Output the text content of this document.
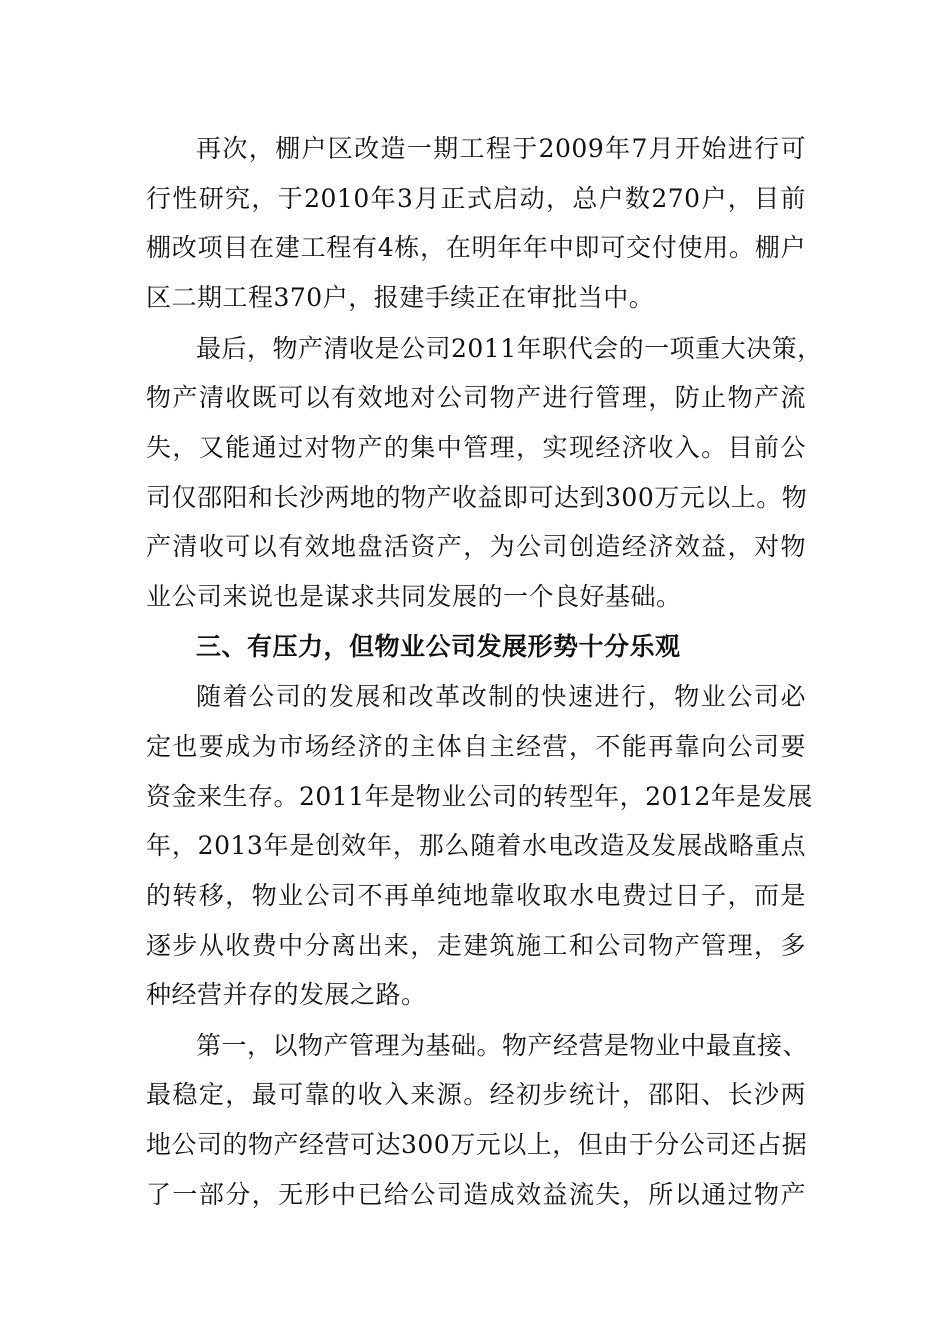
再次，棚户区改造一期工程于2009年7月开始进行可
行性研究，于2010年3月正式启动，总户数270户，目前
棚改项目在建工程有4栋，在明年年中即可交付使用。棚户
区二期工程370户，报建手续正在审批当中。
最后，物产清收是公司2011年职代会的一项重大决策，
物产清收既可以有效地对公司物产进行管理，防止物产流
失，又能通过对物产的集中管理，实现经济收入。目前公
司仅邵阳和长沙两地的物产收益即可达到300万元以上。物
产清收可以有效地盘活资产，为公司创造经济效益，对物
业公司来说也是谋求共同发展的一个良好基础。
三、有压力，但物业公司发展形势十分乐观
随着公司的发展和改革改制的快速进行，物业公司必
定也要成为市场经济的主体自主经营，不能再靠向公司要
资金来生存。2011年是物业公司的转型年，2012年是发展
年，2013年是创效年，那么随着水电改造及发展战略重点
的转移，物业公司不再单纯地靠收取水电费过日子，而是
逐步从收费中分离出来，走建筑施工和公司物产管理，多
种经营并存的发展之路。
第一，以物产管理为基础。物产经营是物业中最直接、
最稳定，最可靠的收入来源。经初步统计，邵阳、长沙两
地公司的物产经营可达300万元以上，但由于分公司还占据
了一部分，无形中已给公司造成效益流失，所以通过物产
